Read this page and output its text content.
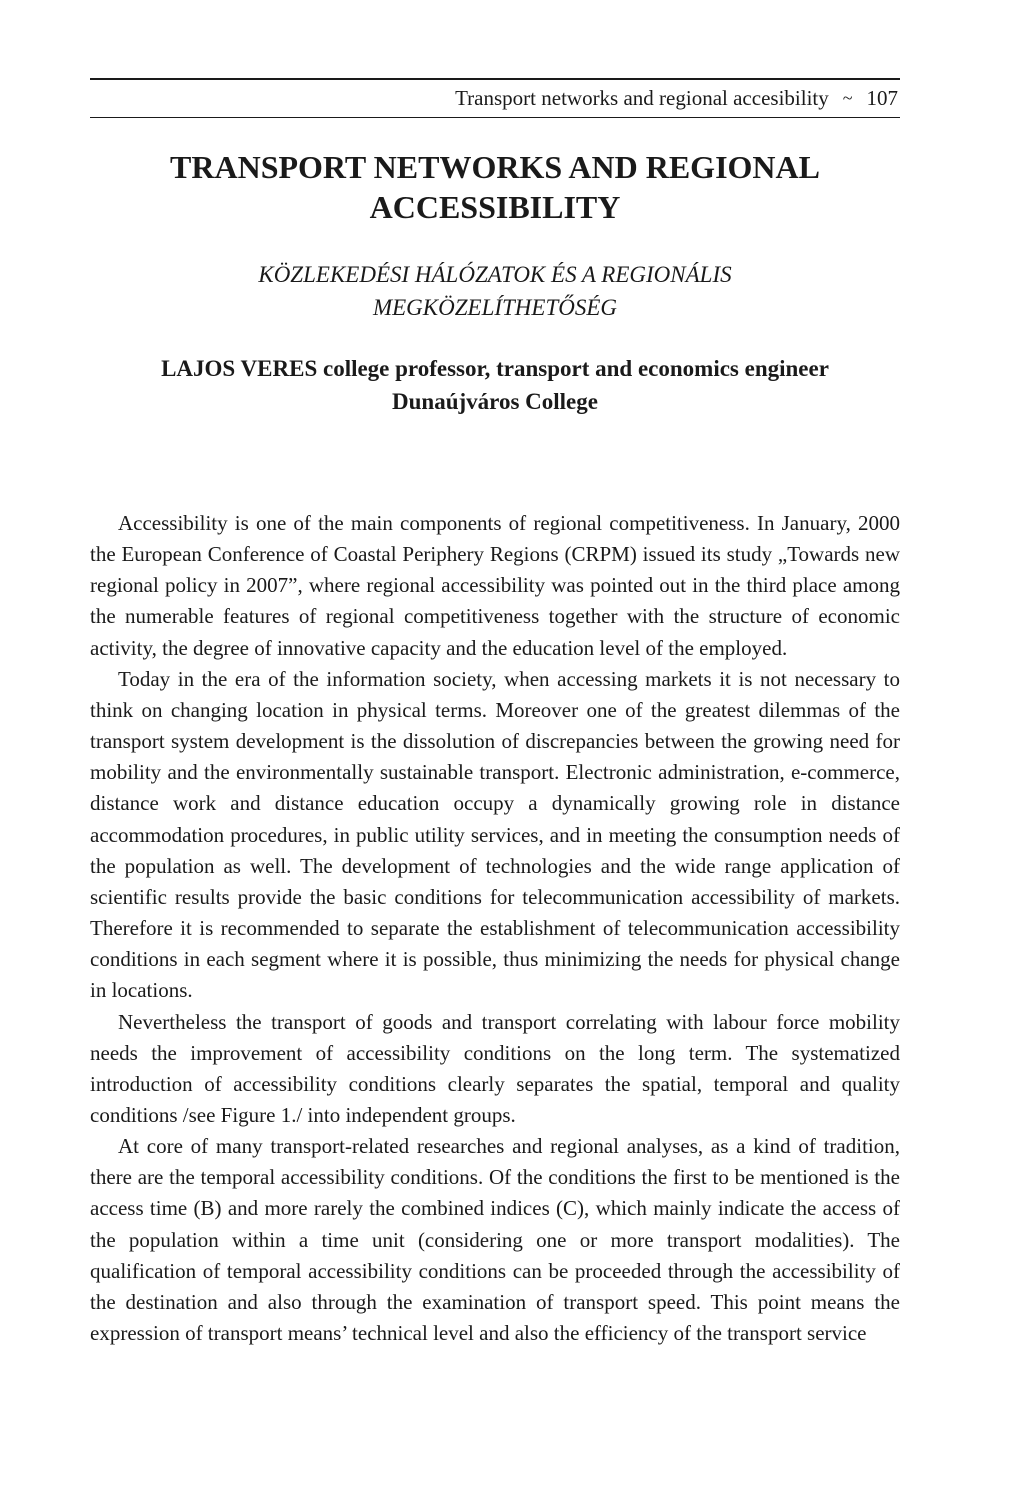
Transport networks and regional accesibility ~ 107
TRANSPORT NETWORKS AND REGIONAL
ACCESSIBILITY
KÖZLEKEDÉSI HÁLÓZATOK ÉS A REGIONÁLIS
MEGKÖZELÍTHETŐSÉG
LAJOS VERES college professor, transport and economics engineer
Dunaújváros College

Accessibility is one of the main components of regional competitiveness. In January, 2000 the European Conference of Coastal Periphery Regions (CRPM) issued its study „Towards new regional policy in 2007”, where regional accessibility was pointed out in the third place among the numerable features of regional competitiveness together with the structure of economic activity, the degree of innovative capacity and the education level of the employed.

Today in the era of the information society, when accessing markets it is not necessary to think on changing location in physical terms. Moreover one of the greatest dilemmas of the transport system development is the dissolution of discrepancies between the growing need for mobility and the environmentally sustainable transport. Electronic administration, e-commerce, distance work and distance education occupy a dynamically growing role in distance accommodation procedures, in public utility services, and in meeting the consumption needs of the population as well. The development of technologies and the wide range application of scientific results provide the basic conditions for telecommunication accessibility of markets. Therefore it is recommended to separate the establishment of telecommunication accessibility conditions in each segment where it is possible, thus minimizing the needs for physical change in locations.

Nevertheless the transport of goods and transport correlating with labour force mobility needs the improvement of accessibility conditions on the long term. The systematized introduction of accessibility conditions clearly separates the spatial, temporal and quality conditions /see Figure 1./ into independent groups.

At core of many transport-related researches and regional analyses, as a kind of tradition, there are the temporal accessibility conditions. Of the conditions the first to be mentioned is the access time (B) and more rarely the combined indices (C), which mainly indicate the access of the population within a time unit (considering one or more transport modalities). The qualification of temporal accessibility conditions can be proceeded through the accessibility of the destination and also through the examination of transport speed. This point means the expression of transport means’ technical level and also the efficiency of the transport service
